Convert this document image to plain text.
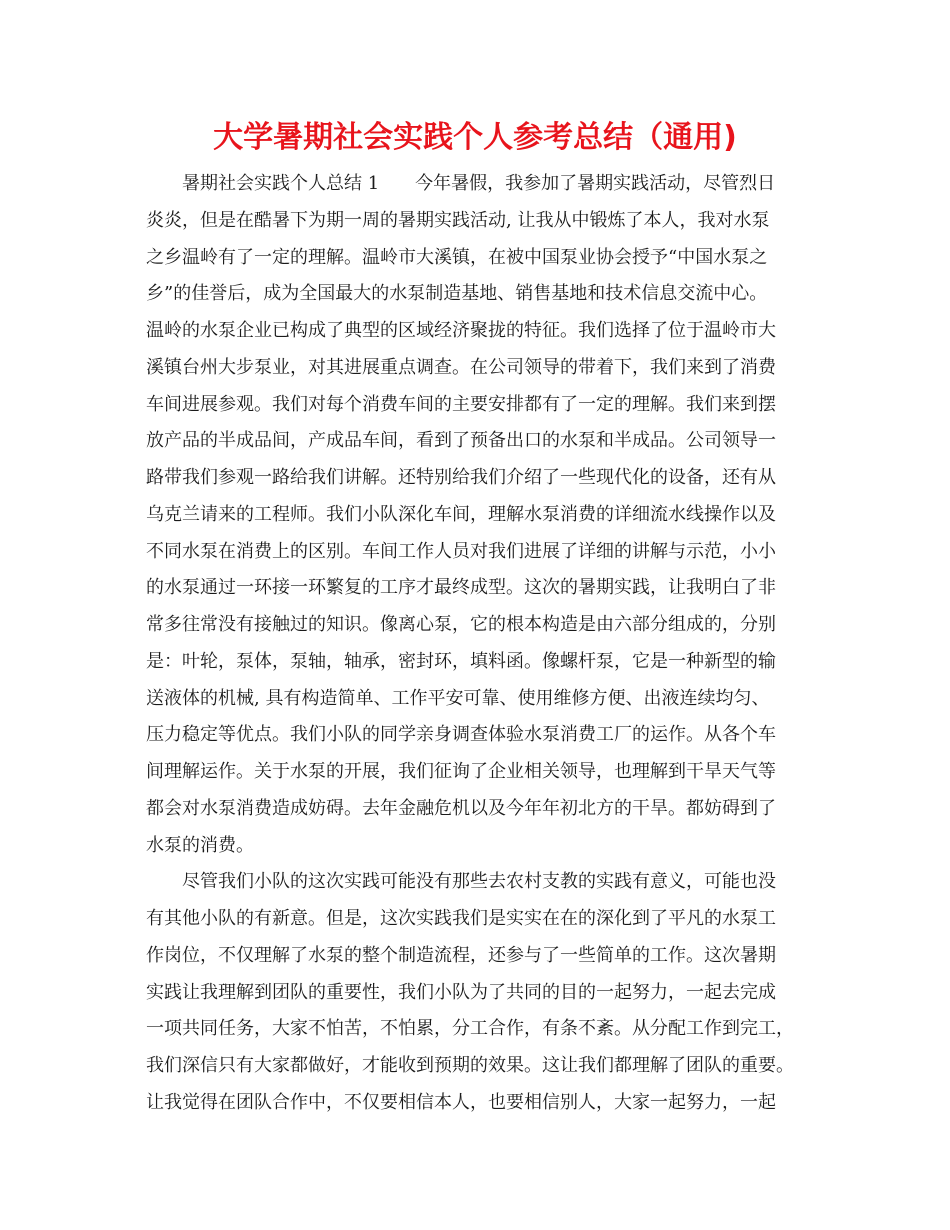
大学暑期社会实践个人参考总结（通用)
暑期社会实践个人总结 1　　今年暑假，我参加了暑期实践活动，尽管烈日
炎炎，但是在酷暑下为期一周的暑期实践活动, 让我从中锻炼了本人，我对水泵
之乡温岭有了一定的理解。温岭市大溪镇，在被中国泵业协会授予“中国水泵之
乡”的佳誉后，成为全国最大的水泵制造基地、销售基地和技术信息交流中心。
温岭的水泵企业已构成了典型的区域经济聚拢的特征。我们选择了位于温岭市大
溪镇台州大步泵业，对其进展重点调查。在公司领导的带着下，我们来到了消费
车间进展参观。我们对每个消费车间的主要安排都有了一定的理解。我们来到摆
放产品的半成品间，产成品车间，看到了预备出口的水泵和半成品。公司领导一
路带我们参观一路给我们讲解。还特别给我们介绍了一些现代化的设备，还有从
乌克兰请来的工程师。我们小队深化车间，理解水泵消费的详细流水线操作以及
不同水泵在消费上的区别。车间工作人员对我们进展了详细的讲解与示范，小小
的水泵通过一环接一环繁复的工序才最终成型。这次的暑期实践，让我明白了非
常多往常没有接触过的知识。像离心泵，它的根本构造是由六部分组成的，分别
是：叶轮，泵体，泵轴，轴承，密封环，填料函。像螺杆泵，它是一种新型的输
送液体的机械, 具有构造简单、工作平安可靠、使用维修方便、出液连续均匀、
压力稳定等优点。我们小队的同学亲身调查体验水泵消费工厂的运作。从各个车
间理解运作。关于水泵的开展，我们征询了企业相关领导，也理解到干旱天气等
都会对水泵消费造成妨碍。去年金融危机以及今年年初北方的干旱。都妨碍到了
水泵的消费。
尽管我们小队的这次实践可能没有那些去农村支教的实践有意义，可能也没
有其他小队的有新意。但是，这次实践我们是实实在在的深化到了平凡的水泵工
作岗位，不仅理解了水泵的整个制造流程，还参与了一些简单的工作。这次暑期
实践让我理解到团队的重要性，我们小队为了共同的目的一起努力，一起去完成
一项共同任务，大家不怕苦，不怕累，分工合作，有条不紊。从分配工作到完工，
我们深信只有大家都做好，才能收到预期的效果。这让我们都理解了团队的重要。
让我觉得在团队合作中，不仅要相信本人，也要相信别人，大家一起努力，一起
